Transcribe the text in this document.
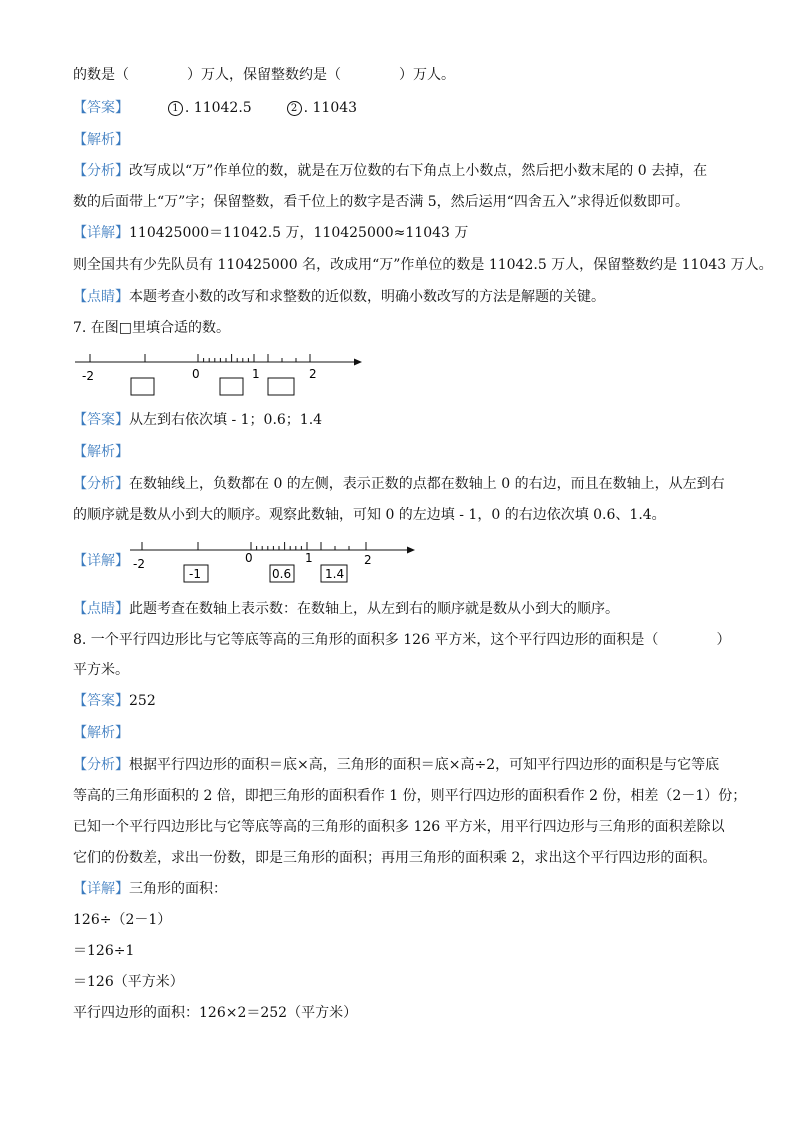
的数是（	）万人，保留整数约是（	）万人。
【答案】	1 . 11042.5	2 . 11043
【解析】
【分析】改写成以“万”作单位的数，就是在万位数的右下角点上小数点，然后把小数末尾的 0 去掉，在
数的后面带上“万”字；保留整数，看千位上的数字是否满 5，然后运用“四舍五入”求得近似数即可。
【详解】110425000＝11042.5 万，110425000≈11043 万
则全国共有少先队员有 110425000 名，改成用“万”作单位的数是 11042.5 万人，保留整数约是 11043 万人。
【点睛】本题考查小数的改写和求整数的近似数，明确小数改写的方法是解题的关键。
7. 在图□里填合适的数。
-2	0	1	2
【答案】从左到右依次填 - 1；0.6；1.4
【解析】
【分析】在数轴线上，负数都在 0 的左侧，表示正数的点都在数轴上 0 的右边，而且在数轴上，从左到右
的顺序就是数从小到大的顺序。观察此数轴，可知 0 的左边填 - 1，0 的右边依次填 0.6、1.4。
【详解】 -2	0	1	2
-1	0.6	1.4
【点睛】此题考查在数轴上表示数：在数轴上，从左到右的顺序就是数从小到大的顺序。
8. 一个平行四边形比与它等底等高的三角形的面积多 126 平方米，这个平行四边形的面积是（	）
平方米。
【答案】252
【解析】
【分析】根据平行四边形的面积＝底×高，三角形的面积＝底×高÷2，可知平行四边形的面积是与它等底
等高的三角形面积的 2 倍，即把三角形的面积看作 1 份，则平行四边形的面积看作 2 份，相差（2－1）份；
已知一个平行四边形比与它等底等高的三角形的面积多 126 平方米，用平行四边形与三角形的面积差除以
它们的份数差，求出一份数，即是三角形的面积；再用三角形的面积乘 2，求出这个平行四边形的面积。
【详解】三角形的面积：
126÷（2－1）
＝126÷1
＝126（平方米）
平行四边形的面积：126×2＝252（平方米）
